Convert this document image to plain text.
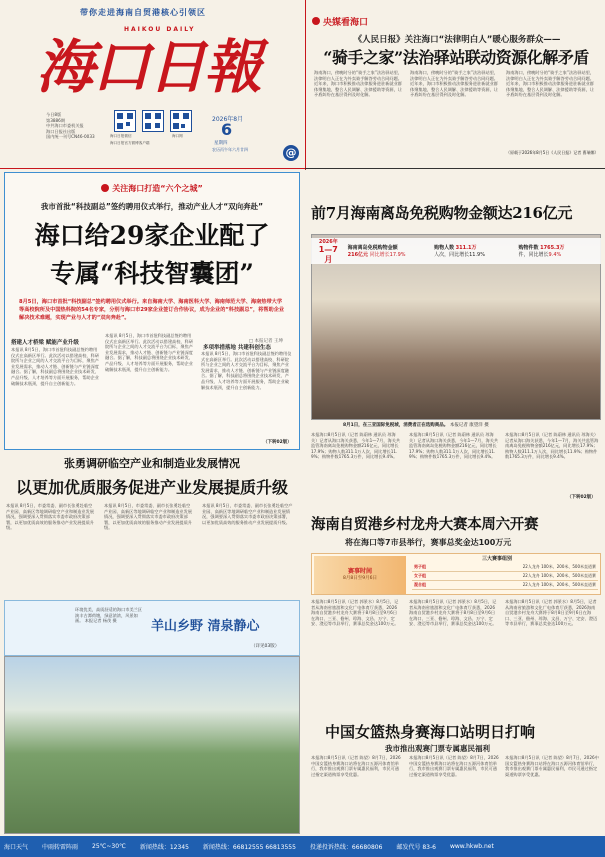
带你走进海南自贸港核心引领区
HAIKOU DAILY
海口日報
今日8版
第3886期
中共海口市委机关报
海口日报社出版
国内统一刊号CN46-0033	海口日报微信
海口日报官方微博客户端
海口网
2026年8月
6
星期四
农历丙午年六月廿四	@
关注海口打造“六个之城”
我市首批“科技副总”签约聘用仪式举行，推动产业人才“双向奔赴”
海口给29家企业配了
专属“科技智囊团”
8月5日，海口市首批“科技副总”签约聘用仪式举行。来自海南大学、海南医科大学、海南师范大学、海南热带大学等高校院所及中国热科院的54名专家，分别与海口市29家企业签订合作协议，成为企业的“科技副总”，将帮助企业解决技术难题，实现产业与人才的“双向奔赴”。
□ 本报记者 王坤
搭建人才桥梁 赋能产业升级
本报讯 8月5日，海口市首批科技副总签约聘用仪式在高新区举行。此次活动以搭建高校、科研院所与企业之间的人才交流平台为目标，聚焦产业发展需求，推动人才链、创新链与产业链深度融合。据了解，科技副总将围绕企业技术研发、产品升级、人才培养等方面开展服务，帮助企业破解技术瓶颈，提升自主创新能力。
本报讯 8月5日，海口市首批科技副总签约聘用仪式在高新区举行。此次活动以搭建高校、科研院所与企业之间的人才交流平台为目标，聚焦产业发展需求，推动人才链、创新链与产业链深度融合。据了解，科技副总将围绕企业技术研发、产品升级、人才培养等方面开展服务，帮助企业破解技术瓶颈，提升自主创新能力。
多项举措落地 共建科创生态
本报讯 8月5日，海口市首批科技副总签约聘用仪式在高新区举行。此次活动以搭建高校、科研院所与企业之间的人才交流平台为目标，聚焦产业发展需求，推动人才链、创新链与产业链深度融合。据了解，科技副总将围绕企业技术研发、产品升级、人才培养等方面开展服务，帮助企业破解技术瓶颈，提升自主创新能力。
（下转02版）
张勇调研临空产业和制造业发展情况
以更加优质服务促进产业发展提质升级
本报讯 8月5日，市委常委、副市长张勇赴临空产业园、高新区等地调研临空产业和制造业发展情况，强调要深入贯彻落实市委市政府决策部署，以更加优质高效的服务推动产业发展提质升级。
本报讯 8月5日，市委常委、副市长张勇赴临空产业园、高新区等地调研临空产业和制造业发展情况，强调要深入贯彻落实市委市政府决策部署，以更加优质高效的服务推动产业发展提质升级。
本报讯 8月5日，市委常委、副市长张勇赴临空产业园、高新区等地调研临空产业和制造业发展情况，强调要深入贯彻落实市委市政府决策部署，以更加优质高效的服务推动产业发展提质升级。
环境优美，高质舒适的海口市美兰区演丰古潭荷塘，绿意浓浓，风景如画。 本报记者 杨茂 摄	羊山乡野 清泉静心
（详见03版）
央媒看海口
《人民日报》关注海口“法律明白人”暖心服务群众——
“骑手之家”法治驿站联动资源化解矛盾
海南海口，傍晚时分的“骑手之家”法治驿站里，法律明白人正在为外卖骑手解答劳动合同问题。近年来，海口市积极推动法律服务进驻新就业群体聚集地，整合人民调解、法律援助等资源，让矛盾纠纷在基层得到及时化解。
海南海口，傍晚时分的“骑手之家”法治驿站里，法律明白人正在为外卖骑手解答劳动合同问题。近年来，海口市积极推动法律服务进驻新就业群体聚集地，整合人民调解、法律援助等资源，让矛盾纠纷在基层得到及时化解。
海南海口，傍晚时分的“骑手之家”法治驿站里，法律明白人正在为外卖骑手解答劳动合同问题。近年来，海口市积极推动法律服务进驻新就业群体聚集地，整合人民调解、法律援助等资源，让矛盾纠纷在基层得到及时化解。
（原载于2026年8月5日《人民日报》记者 曹瑞娜）
前7月海南离岛免税购物金额达216亿元
2026年
1—7月
海南离岛免税购物金额
216亿元 同比增长17.9%
购物人数 311.1万
人次，同比增长11.9%
购物件数 1765.3万
件，同比增长9.4%
8月1日，在三亚国际免税城，消费者正在选购商品。 本报记者 康望洋 摄
本报海口8月5日讯（记者 陈蔚林 通讯员 琼海关）记者从海口海关获悉，今年1—7月，海关共监管海南离岛免税购物金额216亿元，同比增长17.9%；购物人数311.1万人次，同比增长11.9%；购物件数1765.3万件，同比增长9.4%。
本报海口8月5日讯（记者 陈蔚林 通讯员 琼海关）记者从海口海关获悉，今年1—7月，海关共监管海南离岛免税购物金额216亿元，同比增长17.9%；购物人数311.1万人次，同比增长11.9%；购物件数1765.3万件，同比增长9.4%。
本报海口8月5日讯（记者 陈蔚林 通讯员 琼海关）记者从海口海关获悉，今年1—7月，海关共监管海南离岛免税购物金额216亿元，同比增长17.9%；购物人数311.1万人次，同比增长11.9%；购物件数1765.3万件，同比增长9.4%。
（下转02版）
海南自贸港乡村龙舟大赛本周六开赛
将在海口等7市县举行，赛事总奖金达100万元
赛事时间
8月8日至9月6日
三大赛事组别
男子组	22人龙舟 100米、200米、500米直道赛
女子组	22人龙舟 100米、200米、500米直道赛
混合组	22人龙舟 100米、200米、500米直道赛
本报海口8月5日讯（记者 郭景水）8月5日，记者从海南省旅游和文化广电体育厅获悉，2026海南自贸港乡村龙舟大赛将于8月8日至9月6日在海口、三亚、儋州、琼海、文昌、万宁、定安、澄迈等市县举行，赛事总奖金达100万元。
本报海口8月5日讯（记者 郭景水）8月5日，记者从海南省旅游和文化广电体育厅获悉，2026海南自贸港乡村龙舟大赛将于8月8日至9月6日在海口、三亚、儋州、琼海、文昌、万宁、定安、澄迈等市县举行，赛事总奖金达100万元。
本报海口8月5日讯（记者 郭景水）8月5日，记者从海南省旅游和文化广电体育厅获悉，2026海南自贸港乡村龙舟大赛将于8月8日至9月6日在海口、三亚、儋州、琼海、文昌、万宁、定安、澄迈等市县举行，赛事总奖金达100万元。
中国女篮热身赛海口站明日打响
我市推出观赛门票专属惠民福利
本报海口8月5日讯（记者 陈望）8月7日，2026中国女篮热身赛海口站将在海口五源河体育馆举行，我市推出观赛门票专属惠民福利，市民可通过指定渠道购票享受优惠。
本报海口8月5日讯（记者 陈望）8月7日，2026中国女篮热身赛海口站将在海口五源河体育馆举行，我市推出观赛门票专属惠民福利，市民可通过指定渠道购票享受优惠。
本报海口8月5日讯（记者 陈望）8月7日，2026中国女篮热身赛海口站将在海口五源河体育馆举行，我市推出观赛门票专属惠民福利，市民可通过指定渠道购票享受优惠。
海口天气 中雨转雷阵雨 25℃~30℃ 新闻热线：12345 新闻热线：66812555 66813555 投递投诉热线：66680806 邮发代号 83-6 www.hkwb.net
